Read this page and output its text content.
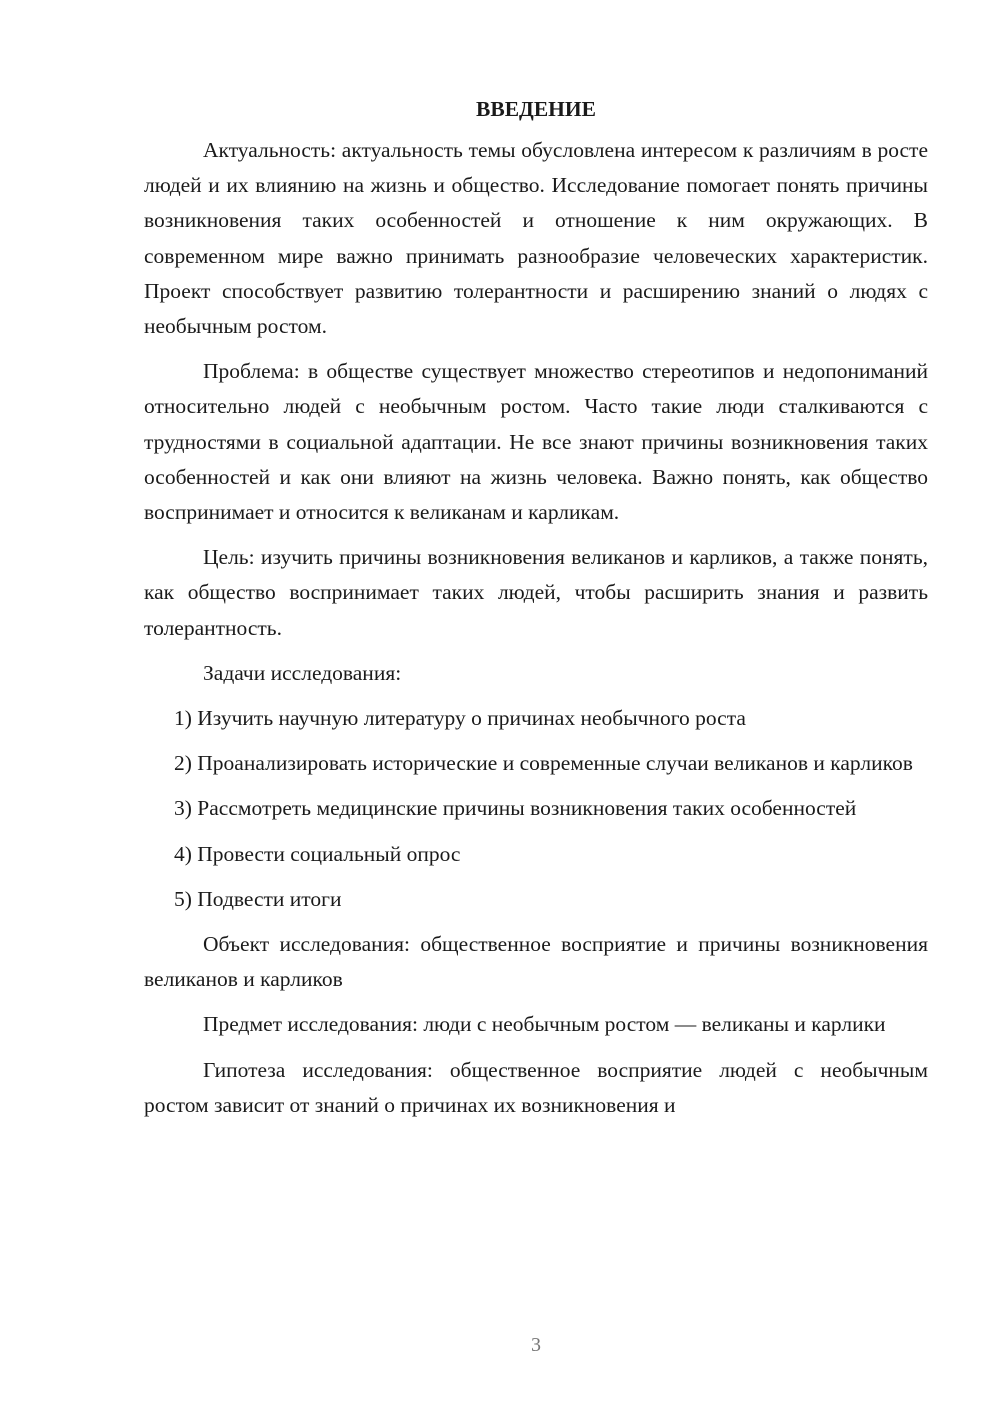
ВВЕДЕНИЕ

Актуальность: актуальность темы обусловлена интересом к различиям в росте людей и их влиянию на жизнь и общество. Исследование помогает понять причины возникновения таких особенностей и отношение к ним окружающих. В современном мире важно принимать разнообразие человеческих характеристик. Проект способствует развитию толерантности и расширению знаний о людях с необычным ростом.

Проблема: в обществе существует множество стереотипов и недопониманий относительно людей с необычным ростом. Часто такие люди сталкиваются с трудностями в социальной адаптации. Не все знают причины возникновения таких особенностей и как они влияют на жизнь человека. Важно понять, как общество воспринимает и относится к великанам и карликам.

Цель: изучить причины возникновения великанов и карликов, а также понять, как общество воспринимает таких людей, чтобы расширить знания и развить толерантность.

Задачи исследования:

1) Изучить научную литературу о причинах необычного роста

2) Проанализировать исторические и современные случаи великанов и карликов

3) Рассмотреть медицинские причины возникновения таких особенностей

4) Провести социальный опрос

5) Подвести итоги

Объект исследования: общественное восприятие и причины возникновения великанов и карликов

Предмет исследования: люди с необычным ростом — великаны и карлики

Гипотеза исследования: общественное восприятие людей с необычным ростом зависит от знаний о причинах их возникновения и

3
